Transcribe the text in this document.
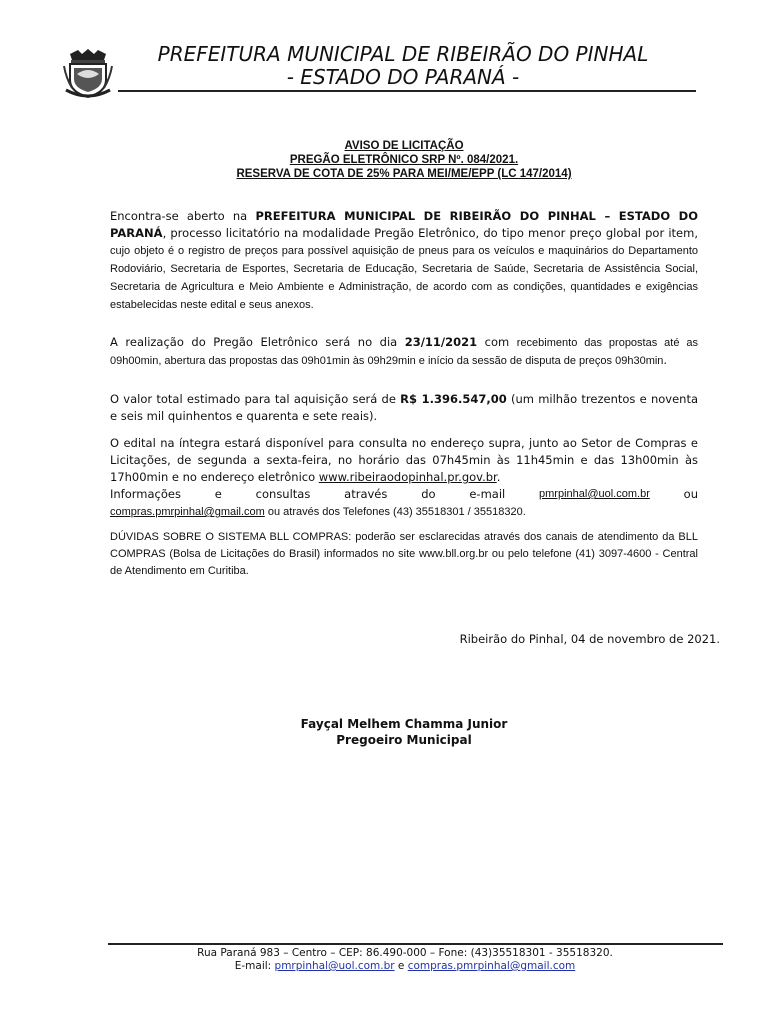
PREFEITURA MUNICIPAL DE RIBEIRÃO DO PINHAL
- ESTADO DO PARANÁ -
AVISO DE LICITAÇÃO
PREGÃO ELETRÔNICO SRP Nº. 084/2021.
RESERVA DE COTA DE 25% PARA MEI/ME/EPP (LC 147/2014)
Encontra-se aberto na PREFEITURA MUNICIPAL DE RIBEIRÃO DO PINHAL – ESTADO DO PARANÁ, processo licitatório na modalidade Pregão Eletrônico, do tipo menor preço global por item, cujo objeto é o registro de preços para possível aquisição de pneus para os veículos e maquinários do Departamento Rodoviário, Secretaria de Esportes, Secretaria de Educação, Secretaria de Saúde, Secretaria de Assistência Social, Secretaria de Agricultura e Meio Ambiente e Administração, de acordo com as condições, quantidades e exigências estabelecidas neste edital e seus anexos.
A realização do Pregão Eletrônico será no dia 23/11/2021 com recebimento das propostas até as 09h00min, abertura das propostas das 09h01min às 09h29min e início da sessão de disputa de preços 09h30min.
O valor total estimado para tal aquisição será de R$ 1.396.547,00 (um milhão trezentos e noventa e seis mil quinhentos e quarenta e sete reais).
O edital na íntegra estará disponível para consulta no endereço supra, junto ao Setor de Compras e Licitações, de segunda a sexta-feira, no horário das 07h45min às 11h45min e das 13h00min às 17h00min e no endereço eletrônico www.ribeiraodopinhal.pr.gov.br.
Informações	e	consultas	através	do	e-mail	pmrpinhal@uol.com.br	ou
compras.pmrpinhal@gmail.com ou através dos Telefones (43) 35518301 / 35518320.
DÚVIDAS SOBRE O SISTEMA BLL COMPRAS: poderão ser esclarecidas através dos canais de atendimento da BLL COMPRAS (Bolsa de Licitações do Brasil) informados no site www.bll.org.br ou pelo telefone (41) 3097-4600 - Central de Atendimento em Curitiba.
Ribeirão do Pinhal, 04 de novembro de 2021.
Fayçal Melhem Chamma Junior
Pregoeiro Municipal
Rua Paraná 983 – Centro – CEP: 86.490-000 – Fone: (43)35518301 - 35518320.
E-mail: pmrpinhal@uol.com.br e compras.pmrpinhal@gmail.com
